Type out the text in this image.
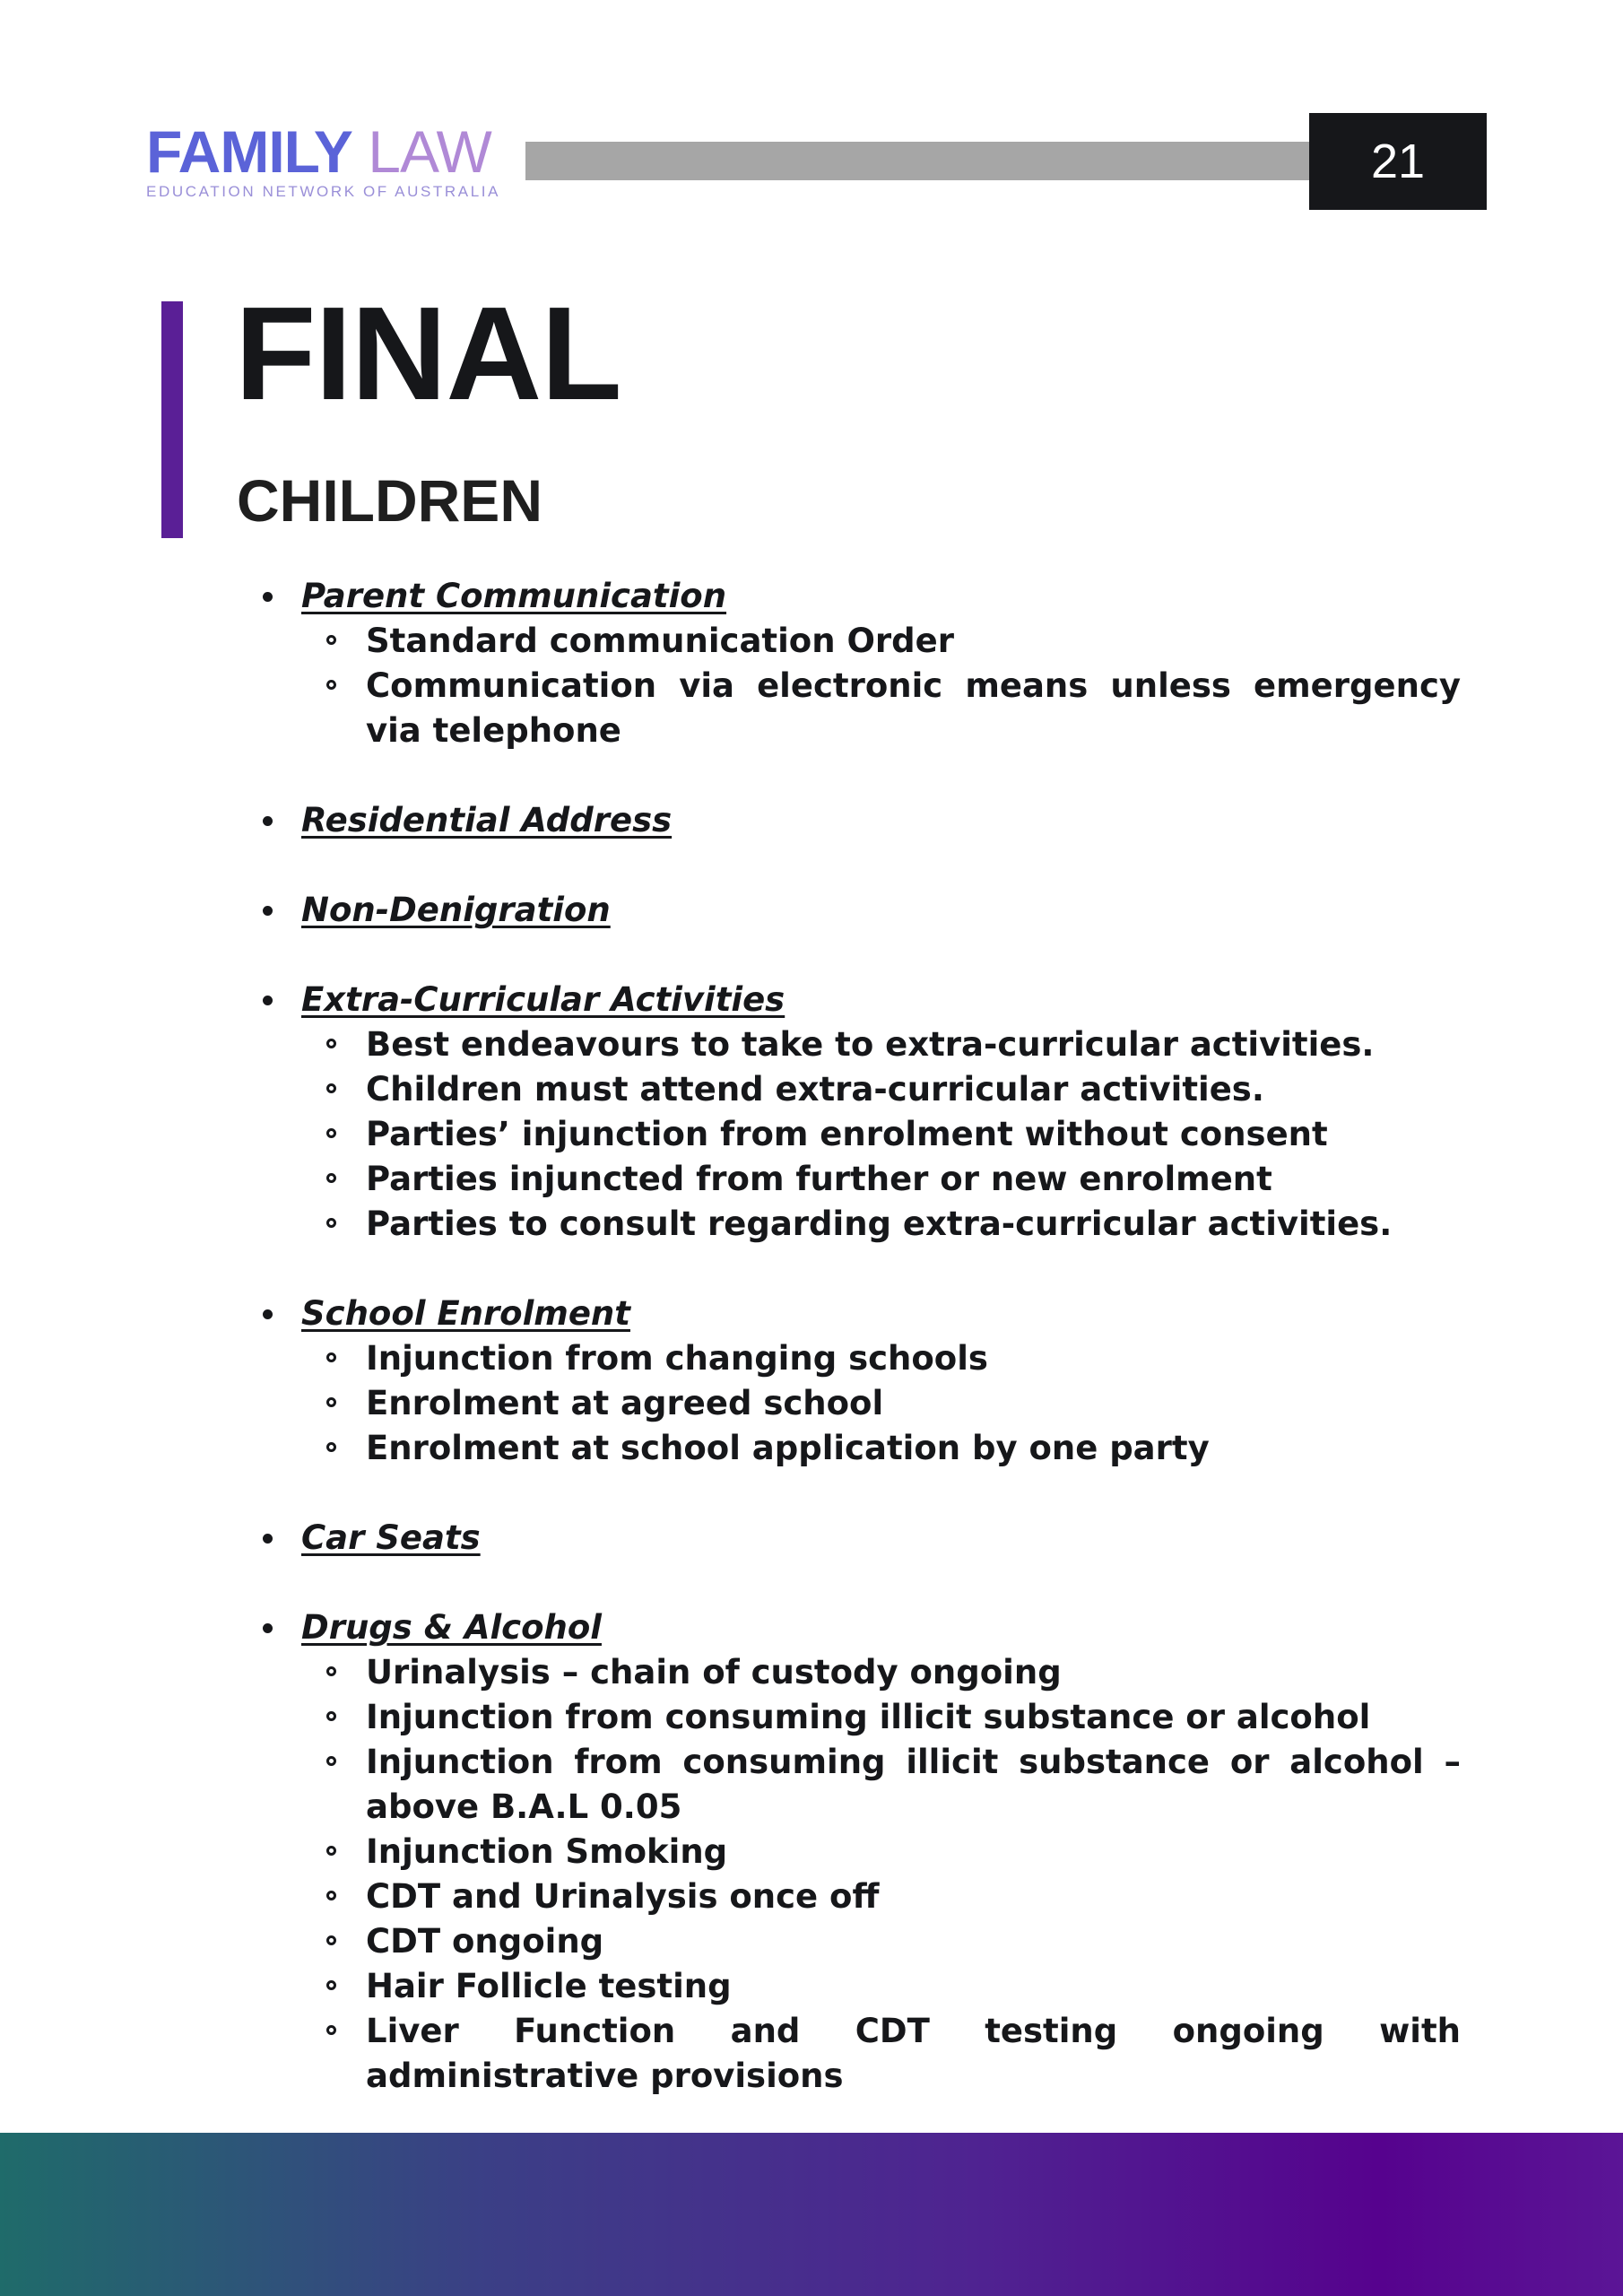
FAMILY LAW
EDUCATION NETWORK OF AUSTRALIA
21
FINAL
CHILDREN
Parent Communication
Standard communication Order
Communication via electronic means unless emergency via telephone
Residential Address
Non-Denigration
Extra-Curricular Activities
Best endeavours to take to extra-curricular activities.
Children must attend extra-curricular activities.
Parties’ injunction from enrolment without consent
Parties injuncted from further or new enrolment
Parties to consult regarding extra-curricular activities.
School Enrolment
Injunction from changing schools
Enrolment at agreed school
Enrolment at school application by one party
Car Seats
Drugs & Alcohol
Urinalysis – chain of custody ongoing
Injunction from consuming illicit substance or alcohol
Injunction from consuming illicit substance or alcohol –above B.A.L 0.05
Injunction Smoking
CDT and Urinalysis once off
CDT ongoing
Hair Follicle testing
Liver Function and CDT testing ongoing with administrative provisions
